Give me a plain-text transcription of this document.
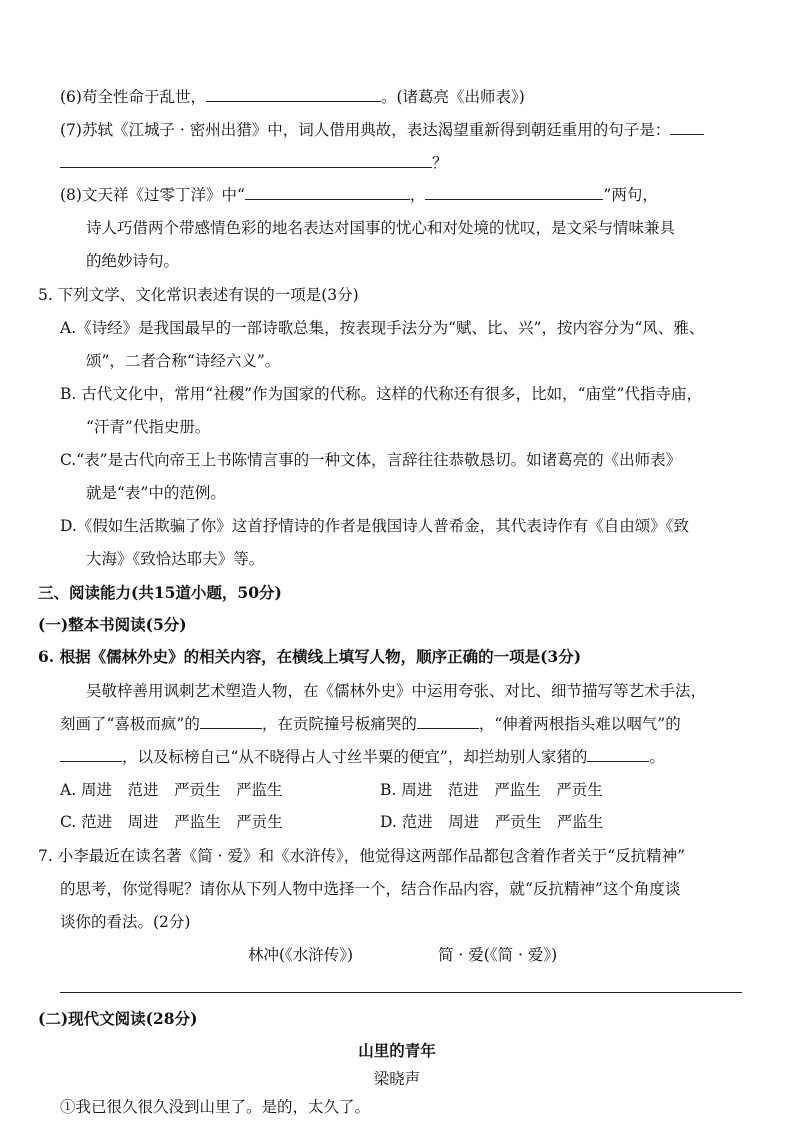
(6)苟全性命于乱世，	。(诸葛亮《出师表》)
(7)苏轼《江城子 · 密州出猎》中，词人借用典故，表达渴望重新得到朝廷重用的句子是：
？
(8)文天祥《过零丁洋》中“	，	”两句，
诗人巧借两个带感情色彩的地名表达对国事的忧心和对处境的忧叹，是文采与情味兼具
的绝妙诗句。
5. 下列文学、文化常识表述有误的一项是(3分)
A.《诗经》是我国最早的一部诗歌总集，按表现手法分为“赋、比、兴”，按内容分为“风、雅、
颂”，二者合称“诗经六义”。
B. 古代文化中，常用“社稷”作为国家的代称。这样的代称还有很多，比如，“庙堂”代指寺庙，
“汗青”代指史册。
C.“表”是古代向帝王上书陈情言事的一种文体，言辞往往恭敬恳切。如诸葛亮的《出师表》
就是“表”中的范例。
D.《假如生活欺骗了你》这首抒情诗的作者是俄国诗人普希金，其代表诗作有《自由颂》《致
大海》《致恰达耶夫》等。
三、阅读能力(共15道小题，50分)
(一)整本书阅读(5分)
6. 根据《儒林外史》的相关内容，在横线上填写人物，顺序正确的一项是(3分)
吴敬梓善用讽刺艺术塑造人物，在《儒林外史》中运用夸张、对比、细节描写等艺术手法，
刻画了“喜极而疯”的	，在贡院撞号板痛哭的	，“伸着两根指头难以咽气”的
，以及标榜自己“从不晓得占人寸丝半粟的便宜”，却拦劫别人家猪的	。
A. 周进　范进　严贡生　严监生	B. 周进　范进　严监生　严贡生
C. 范进　周进　严监生　严贡生	D. 范进　周进　严贡生　严监生
7. 小李最近在读名著《简 · 爱》和《水浒传》，他觉得这两部作品都包含着作者关于“反抗精神”
的思考，你觉得呢？请你从下列人物中选择一个，结合作品内容，就“反抗精神”这个角度谈
谈你的看法。(2分)
林冲(《水浒传》)	简 · 爱(《简 · 爱》)
(二)现代文阅读(28分)
山里的青年
梁晓声
①我已很久很久没到山里了。是的，太久了。
